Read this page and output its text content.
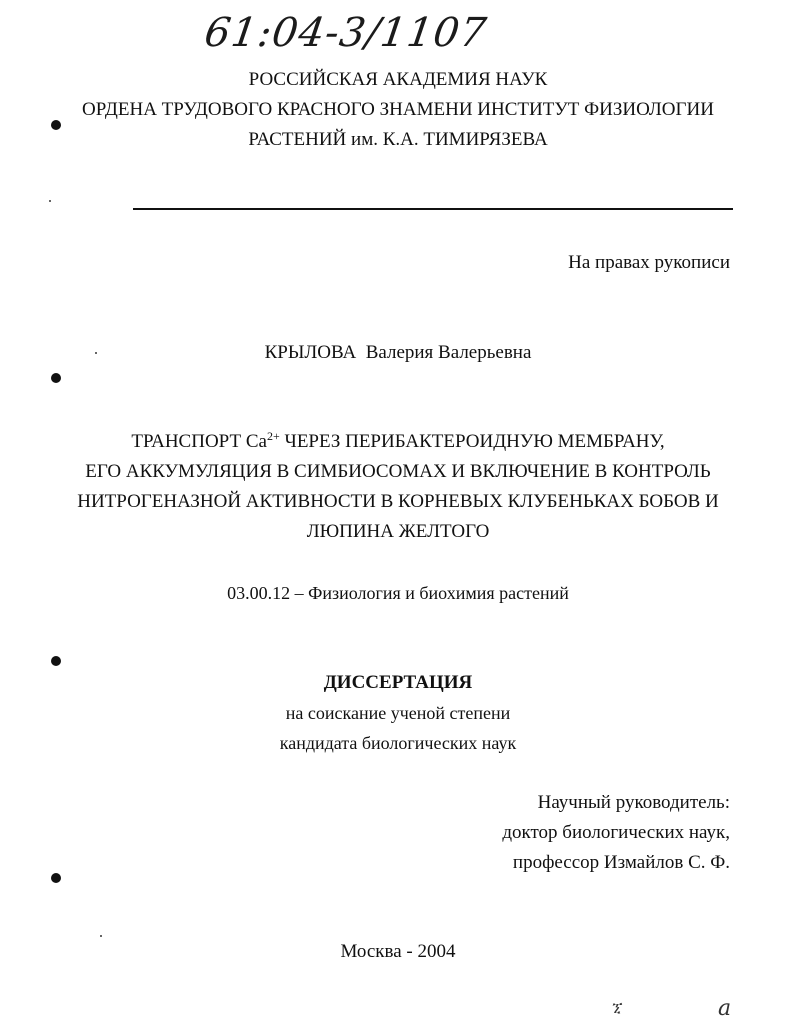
61:04-3/1107
РОССИЙСКАЯ АКАДЕМИЯ НАУК
ОРДЕНА ТРУДОВОГО КРАСНОГО ЗНАМЕНИ ИНСТИТУТ ФИЗИОЛОГИИ
РАСТЕНИЙ им. К.А. ТИМИРЯЗЕВА
На правах рукописи
КРЫЛОВА Валерия Валерьевна
ТРАНСПОРТ $Ca^{2+}$ ЧЕРЕЗ ПЕРИБАКТЕРОИДНУЮ МЕМБРАНУ,
ЕГО АККУМУЛЯЦИЯ В СИМБИОСОМАХ И ВКЛЮЧЕНИЕ В КОНТРОЛЬ
НИТРОГЕНАЗНОЙ АКТИВНОСТИ В КОРНЕВЫХ КЛУБЕНЬКАХ БОБОВ И
ЛЮПИНА ЖЕЛТОГО
03.00.12 – Физиология и биохимия растений
ДИССЕРТАЦИЯ
на соискание ученой степени
кандидата биологических наук
Научный руководитель:
доктор биологических наук,
профессор Измайлов С. Ф.
Москва - 2004
ኚ	a
